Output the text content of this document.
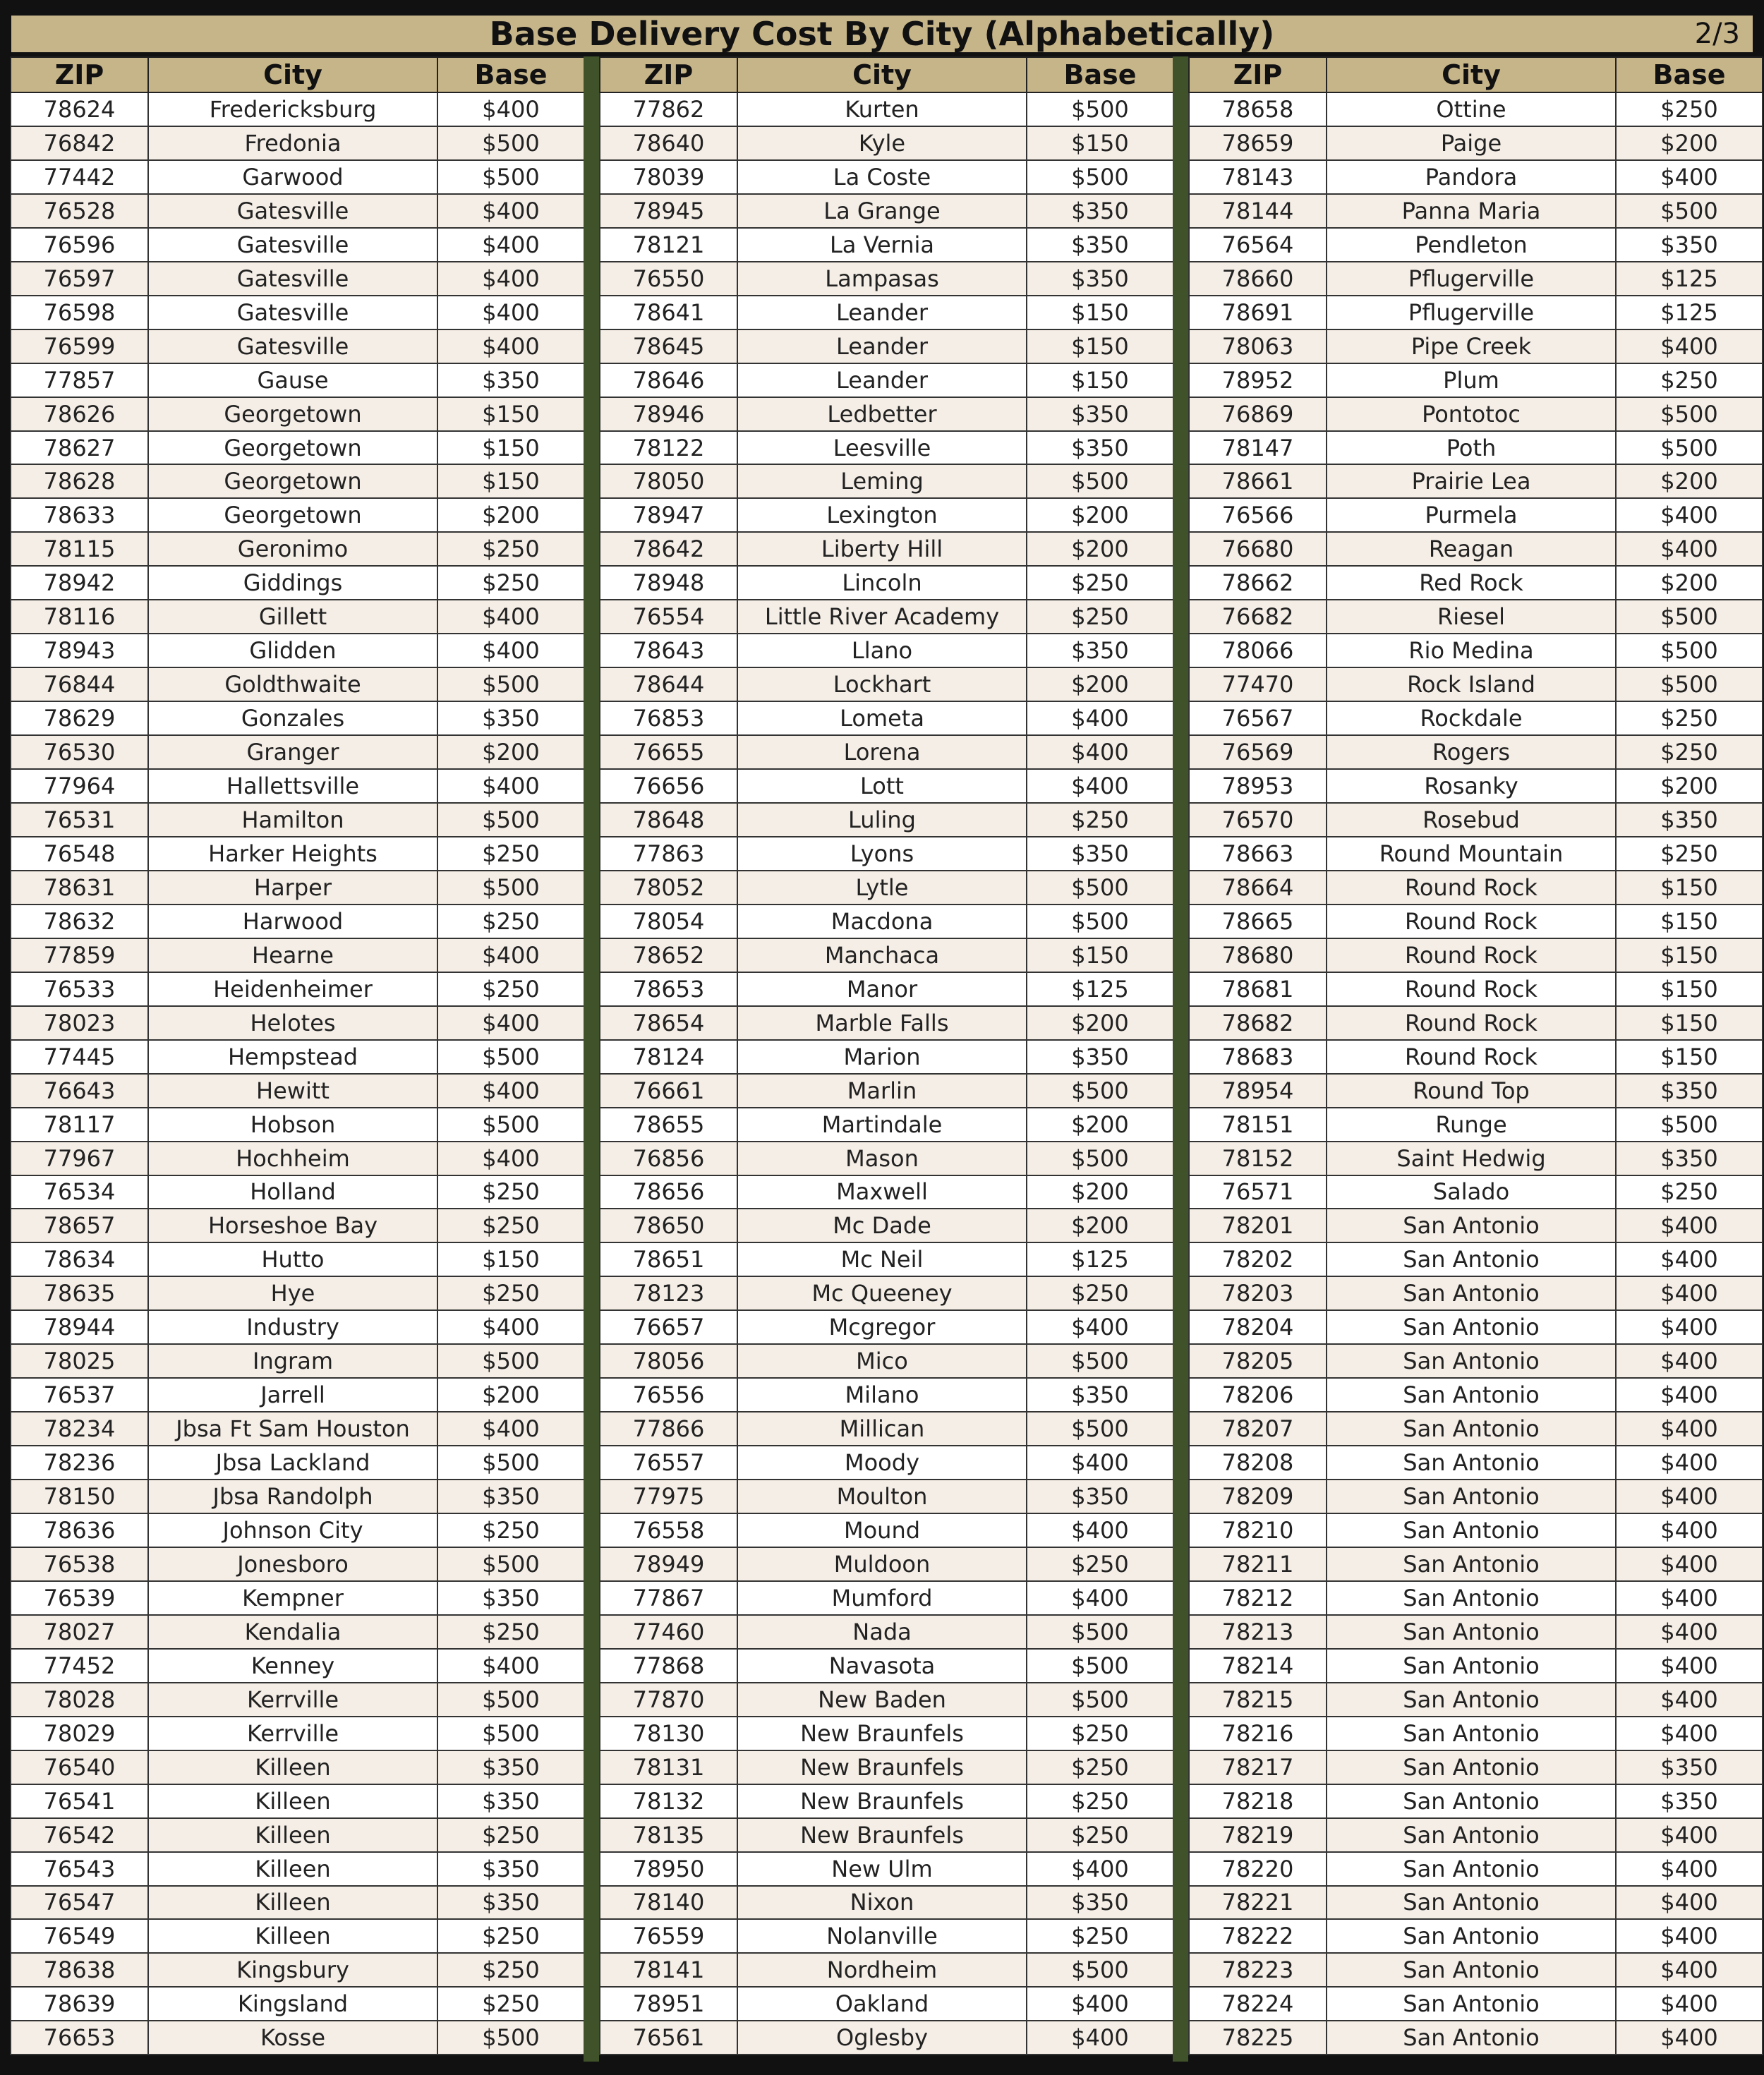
Base Delivery Cost By City (Alphabetically)	2/3
ZIP	City	Base
78624	Fredericksburg	$400
76842	Fredonia	$500
77442	Garwood	$500
76528	Gatesville	$400
76596	Gatesville	$400
76597	Gatesville	$400
76598	Gatesville	$400
76599	Gatesville	$400
77857	Gause	$350
78626	Georgetown	$150
78627	Georgetown	$150
78628	Georgetown	$150
78633	Georgetown	$200
78115	Geronimo	$250
78942	Giddings	$250
78116	Gillett	$400
78943	Glidden	$400
76844	Goldthwaite	$500
78629	Gonzales	$350
76530	Granger	$200
77964	Hallettsville	$400
76531	Hamilton	$500
76548	Harker Heights	$250
78631	Harper	$500
78632	Harwood	$250
77859	Hearne	$400
76533	Heidenheimer	$250
78023	Helotes	$400
77445	Hempstead	$500
76643	Hewitt	$400
78117	Hobson	$500
77967	Hochheim	$400
76534	Holland	$250
78657	Horseshoe Bay	$250
78634	Hutto	$150
78635	Hye	$250
78944	Industry	$400
78025	Ingram	$500
76537	Jarrell	$200
78234	Jbsa Ft Sam Houston	$400
78236	Jbsa Lackland	$500
78150	Jbsa Randolph	$350
78636	Johnson City	$250
76538	Jonesboro	$500
76539	Kempner	$350
78027	Kendalia	$250
77452	Kenney	$400
78028	Kerrville	$500
78029	Kerrville	$500
76540	Killeen	$350
76541	Killeen	$350
76542	Killeen	$250
76543	Killeen	$350
76547	Killeen	$350
76549	Killeen	$250
78638	Kingsbury	$250
78639	Kingsland	$250
76653	Kosse	$500
ZIP	City	Base
77862	Kurten	$500
78640	Kyle	$150
78039	La Coste	$500
78945	La Grange	$350
78121	La Vernia	$350
76550	Lampasas	$350
78641	Leander	$150
78645	Leander	$150
78646	Leander	$150
78946	Ledbetter	$350
78122	Leesville	$350
78050	Leming	$500
78947	Lexington	$200
78642	Liberty Hill	$200
78948	Lincoln	$250
76554	Little River Academy	$250
78643	Llano	$350
78644	Lockhart	$200
76853	Lometa	$400
76655	Lorena	$400
76656	Lott	$400
78648	Luling	$250
77863	Lyons	$350
78052	Lytle	$500
78054	Macdona	$500
78652	Manchaca	$150
78653	Manor	$125
78654	Marble Falls	$200
78124	Marion	$350
76661	Marlin	$500
78655	Martindale	$200
76856	Mason	$500
78656	Maxwell	$200
78650	Mc Dade	$200
78651	Mc Neil	$125
78123	Mc Queeney	$250
76657	Mcgregor	$400
78056	Mico	$500
76556	Milano	$350
77866	Millican	$500
76557	Moody	$400
77975	Moulton	$350
76558	Mound	$400
78949	Muldoon	$250
77867	Mumford	$400
77460	Nada	$500
77868	Navasota	$500
77870	New Baden	$500
78130	New Braunfels	$250
78131	New Braunfels	$250
78132	New Braunfels	$250
78135	New Braunfels	$250
78950	New Ulm	$400
78140	Nixon	$350
76559	Nolanville	$250
78141	Nordheim	$500
78951	Oakland	$400
76561	Oglesby	$400
ZIP	City	Base
78658	Ottine	$250
78659	Paige	$200
78143	Pandora	$400
78144	Panna Maria	$500
76564	Pendleton	$350
78660	Pflugerville	$125
78691	Pflugerville	$125
78063	Pipe Creek	$400
78952	Plum	$250
76869	Pontotoc	$500
78147	Poth	$500
78661	Prairie Lea	$200
76566	Purmela	$400
76680	Reagan	$400
78662	Red Rock	$200
76682	Riesel	$500
78066	Rio Medina	$500
77470	Rock Island	$500
76567	Rockdale	$250
76569	Rogers	$250
78953	Rosanky	$200
76570	Rosebud	$350
78663	Round Mountain	$250
78664	Round Rock	$150
78665	Round Rock	$150
78680	Round Rock	$150
78681	Round Rock	$150
78682	Round Rock	$150
78683	Round Rock	$150
78954	Round Top	$350
78151	Runge	$500
78152	Saint Hedwig	$350
76571	Salado	$250
78201	San Antonio	$400
78202	San Antonio	$400
78203	San Antonio	$400
78204	San Antonio	$400
78205	San Antonio	$400
78206	San Antonio	$400
78207	San Antonio	$400
78208	San Antonio	$400
78209	San Antonio	$400
78210	San Antonio	$400
78211	San Antonio	$400
78212	San Antonio	$400
78213	San Antonio	$400
78214	San Antonio	$400
78215	San Antonio	$400
78216	San Antonio	$400
78217	San Antonio	$350
78218	San Antonio	$350
78219	San Antonio	$400
78220	San Antonio	$400
78221	San Antonio	$400
78222	San Antonio	$400
78223	San Antonio	$400
78224	San Antonio	$400
78225	San Antonio	$400
